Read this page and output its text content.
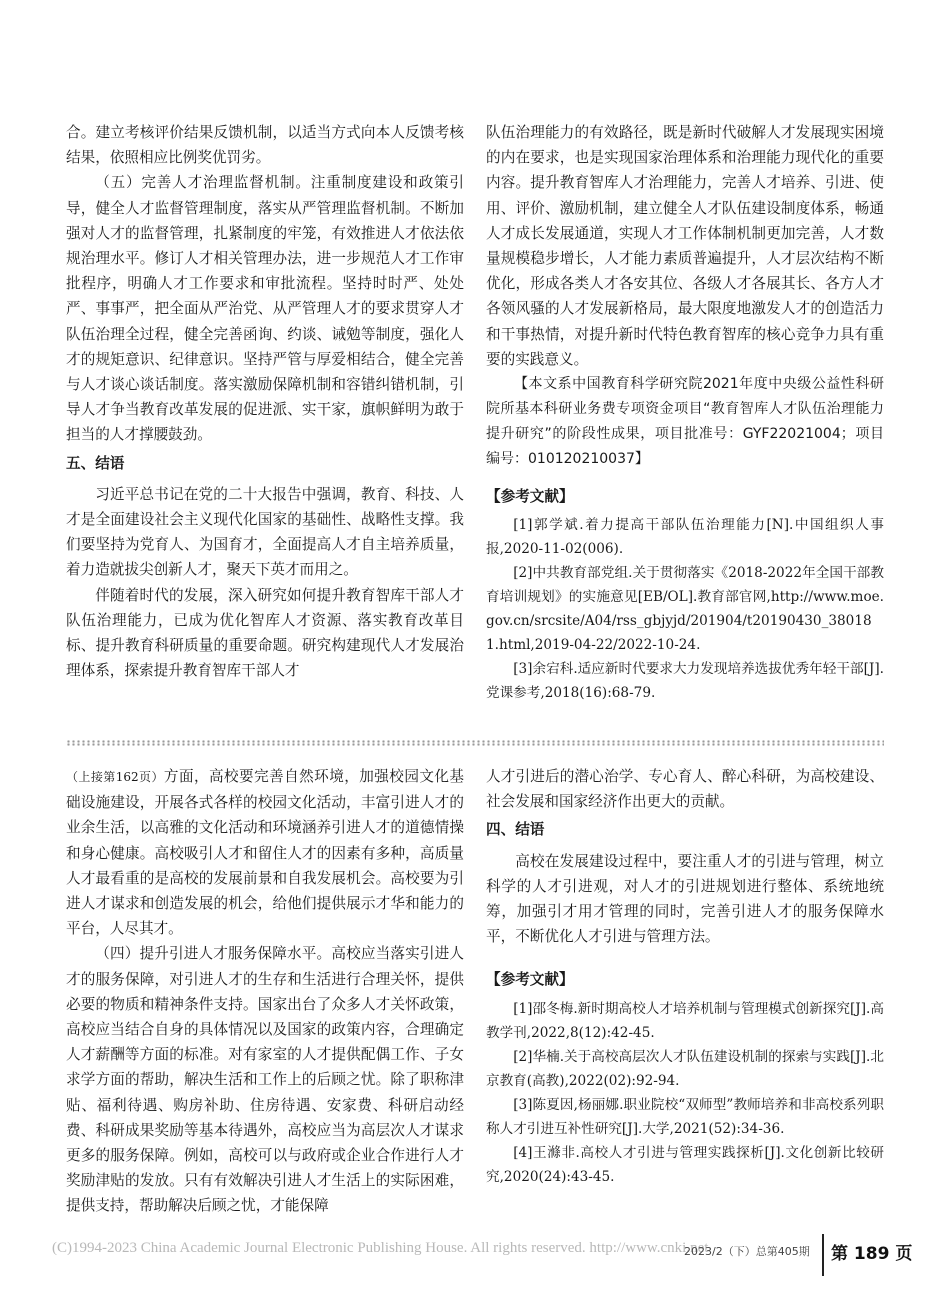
合。建立考核评价结果反馈机制，以适当方式向本人反馈考核结果，依照相应比例奖优罚劣。

（五）完善人才治理监督机制。注重制度建设和政策引导，健全人才监督管理制度，落实从严管理监督机制。不断加强对人才的监督管理，扎紧制度的牢笼，有效推进人才依法依规治理水平。修订人才相关管理办法，进一步规范人才工作审批程序，明确人才工作要求和审批流程。坚持时时严、处处严、事事严，把全面从严治党、从严管理人才的要求贯穿人才队伍治理全过程，健全完善函询、约谈、诫勉等制度，强化人才的规矩意识、纪律意识。坚持严管与厚爱相结合，健全完善与人才谈心谈话制度。落实激励保障机制和容错纠错机制，引导人才争当教育改革发展的促进派、实干家，旗帜鲜明为敢于担当的人才撑腰鼓劲。

五、结语

习近平总书记在党的二十大报告中强调，教育、科技、人才是全面建设社会主义现代化国家的基础性、战略性支撑。我们要坚持为党育人、为国育才，全面提高人才自主培养质量，着力造就拔尖创新人才，聚天下英才而用之。

伴随着时代的发展，深入研究如何提升教育智库干部人才队伍治理能力，已成为优化智库人才资源、落实教育改革目标、提升教育科研质量的重要命题。研究构建现代人才发展治理体系，探索提升教育智库干部人才

队伍治理能力的有效路径，既是新时代破解人才发展现实困境的内在要求，也是实现国家治理体系和治理能力现代化的重要内容。提升教育智库人才治理能力，完善人才培养、引进、使用、评价、激励机制，建立健全人才队伍建设制度体系，畅通人才成长发展通道，实现人才工作体制机制更加完善，人才数量规模稳步增长，人才能力素质普遍提升，人才层次结构不断优化，形成各类人才各安其位、各级人才各展其长、各方人才各领风骚的人才发展新格局，最大限度地激发人才的创造活力和干事热情，对提升新时代特色教育智库的核心竞争力具有重要的实践意义。

【本文系中国教育科学研究院2021年度中央级公益性科研院所基本科研业务费专项资金项目“教育智库人才队伍治理能力提升研究”的阶段性成果，项目批准号：GYF22021004；项目编号：010120210037】

【参考文献】

[1]郭学斌.着力提高干部队伍治理能力[N].中国组织人事报,2020-11-02(006).

[2]中共教育部党组.关于贯彻落实《2018-2022年全国干部教育培训规划》的实施意见[EB/OL].教育部官网,http://www.moe.gov.cn/srcsite/A04/rss_gbjyjd/201904/t20190430_380181.html,2019-04-22/2022-10-24.

[3]余宕科.适应新时代要求大力发现培养选拔优秀年轻干部[J].党课参考,2018(16):68-79.

（上接第162页）方面，高校要完善自然环境，加强校园文化基础设施建设，开展各式各样的校园文化活动，丰富引进人才的业余生活，以高雅的文化活动和环境涵养引进人才的道德情操和身心健康。高校吸引人才和留住人才的因素有多种，高质量人才最看重的是高校的发展前景和自我发展机会。高校要为引进人才谋求和创造发展的机会，给他们提供展示才华和能力的平台，人尽其才。

（四）提升引进人才服务保障水平。高校应当落实引进人才的服务保障，对引进人才的生存和生活进行合理关怀，提供必要的物质和精神条件支持。国家出台了众多人才关怀政策，高校应当结合自身的具体情况以及国家的政策内容，合理确定人才薪酬等方面的标准。对有家室的人才提供配偶工作、子女求学方面的帮助，解决生活和工作上的后顾之忧。除了职称津贴、福利待遇、购房补助、住房待遇、安家费、科研启动经费、科研成果奖励等基本待遇外，高校应当为高层次人才谋求更多的服务保障。例如，高校可以与政府或企业合作进行人才奖励津贴的发放。只有有效解决引进人才生活上的实际困难，提供支持，帮助解决后顾之忧，才能保障

人才引进后的潜心治学、专心育人、醉心科研，为高校建设、社会发展和国家经济作出更大的贡献。

四、结语

高校在发展建设过程中，要注重人才的引进与管理，树立科学的人才引进观，对人才的引进规划进行整体、系统地统筹，加强引才用才管理的同时，完善引进人才的服务保障水平，不断优化人才引进与管理方法。

【参考文献】

[1]邵冬梅.新时期高校人才培养机制与管理模式创新探究[J].高教学刊,2022,8(12):42-45.

[2]华楠.关于高校高层次人才队伍建设机制的探索与实践[J].北京教育(高教),2022(02):92-94.

[3]陈夏因,杨丽娜.职业院校“双师型”教师培养和非高校系列职称人才引进互补性研究[J].大学,2021(52):34-36.

[4]王滌非.高校人才引进与管理实践探析[J].文化创新比较研究,2020(24):43-45.

(C)1994-2023 China Academic Journal Electronic Publishing House. All rights reserved. http://www.cnki.net
2023/2（下）总第405期 第 189 页
